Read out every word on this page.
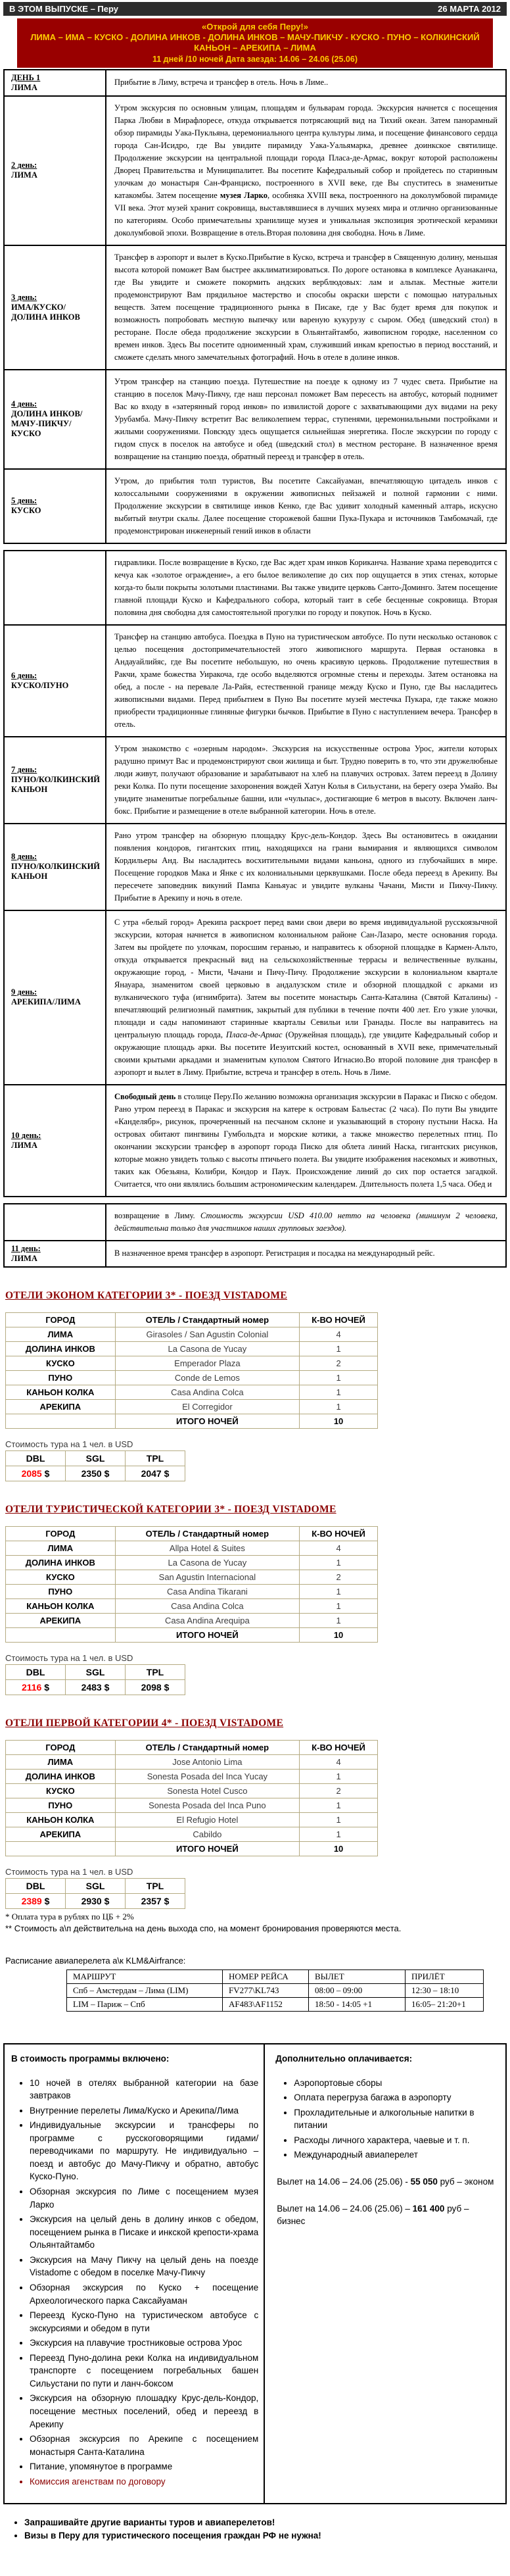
В ЭТОМ ВЫПУСКЕ – Перу	26 МАРТА 2012

«Открой для себя Перу!»

ЛИМА – ИМА – КУСКО - ДОЛИНА ИНКОВ - ДОЛИНА ИНКОВ – МАЧУ-ПИКЧУ - КУСКО - ПУНО – КОЛКИНСКИЙ КАНЬОН – АРЕКИПА – ЛИМА

11 дней /10 ночей Дата заезда: 14.06 – 24.06 (25.06)

ДЕНЬ 1
ЛИМА	Прибытие в Лиму, встреча и трансфер в отель. Ночь в Лиме..

2 день:
ЛИМА	Утром экскурсия по основным улицам, площадям и бульварам города. Экскурсия начнется с посещения Парка Любви в Мирафлоресе, откуда открывается потрясающий вид на Тихий океан. Затем панорамный обзор пирамиды Уака-Пукльяна, церемониального центра культуры лима, и посещение финансового сердца города Сан-Исидро, где Вы увидите пирамиду Уака-Уальямарка, древнее доинкское святилище. Продолжение экскурсии на центральной площади города Пласа-де-Армас, вокруг которой расположены Дворец Правительства и Муниципалитет. Вы посетите Кафедральный собор и пройдетесь по старинным улочкам до монастыря Сан-Франциско, построенного в XVII веке, где Вы спуститесь в знаменитые катакомбы. Затем посещение музея Ларко, особняка XVIII века, построенного на доколумбовой пирамиде VII века. Этот музей хранит сокровища, выставлявшиеся в лучших музеях мира и отлично организованные по категориям. Особо примечательны хранилище музея и уникальная экспозиция эротической керамики доколумбовой эпохи. Возвращение в отель.Вторая половина дня свободна. Ночь в Лиме.

3 день:
ИМА/КУСКО/ДОЛИНА ИНКОВ	Трансфер в аэропорт и вылет в Куско.Прибытие в Куско, встреча и трансфер в Священную долину, меньшая высота которой поможет Вам быстрее акклиматизироваться. По дороге остановка в комплексе Ауанаканча, где Вы увидите и сможете покормить андских верблюдовых: лам и альпак. Местные жители продемонстрируют Вам прядильное мастерство и способы окраски шерсти с помощью натуральных веществ. Затем посещение традиционного рынка в Писаке, где у Вас будет время для покупок и возможность попробовать местную выпечку или вареную кукурузу с сыром. Обед (шведский стол) в ресторане. После обеда продолжение экскурсии в Ольянтайтамбо, живописном городке, населенном со времен инков. Здесь Вы посетите одноименный храм, служивший инкам крепостью в период восстаний, и сможете сделать много замечательных фотографий. Ночь в отеле в долине инков.

4 день:
ДОЛИНА ИНКОВ/МАЧУ-ПИКЧУ/КУСКО	Утром трансфер на станцию поезда. Путешествие на поезде к одному из 7 чудес света. Прибытие на станцию в поселок Мачу-Пикчу, где наш персонал поможет Вам пересесть на автобус, который поднимет Вас ко входу в «затерянный город инков» по извилистой дороге с захватывающими дух видами на реку Урубамба. Мачу-Пикчу встретит Вас великолепием террас, ступенями, церемониальными постройками и жилыми сооружениями. Повсюду здесь ощущается сильнейшая энергетика. После экскурсии по городу с гидом спуск в поселок на автобусе и обед (шведский стол) в местном ресторане. В назначенное время возвращение на станцию поезда, обратный переезд и трансфер в отель.

5 день:
КУСКО	Утром, до прибытия толп туристов, Вы посетите Саксайуаман, впечатляющую цитадель инков с колоссальными сооружениями в окружении живописных пейзажей и полной гармонии с ними. Продолжение экскурсии в святилище инков Кенко, где Вас удивит холодный каменный алтарь, искусно выбитый внутри скалы. Далее посещение сторожевой башни Пука-Пукара и источников Тамбомачай, где продемонстрирован инженерный гений инков в области

	гидравлики. После возвращение в Куско, где Вас ждет храм инков Кориканча. Название храма переводится с кечуа как «золотое ограждение», а его былое великолепие до сих пор ощущается в этих стенах, которые когда-то были покрыты золотыми пластинами. Вы также увидите церковь Санто-Доминго. Затем посещение главной площади Куско и Кафедрального собора, который таит в себе бесценные сокровища. Вторая половина дня свободна для самостоятельной прогулки по городу и покупок. Ночь в Куско.

6 день:
КУСКО/ПУНО	Трансфер на станцию автобуса. Поездка в Пуно на туристическом автобусе. По пути несколько остановок с целью посещения достопримечательностей этого живописного маршрута. Первая остановка в Андауайлийяс, где Вы посетите небольшую, но очень красивую церковь. Продолжение путешествия в Ракчи, храме божества Уиракоча, где особо выделяются огромные стены и переходы. Затем остановка на обед, а после - на перевале Ла-Райя, естественной границе между Куско и Пуно, где Вы насладитесь живописными видами. Перед прибытием в Пуно Вы посетите музей местечка Пукара, где также можно приобрести традиционные глиняные фигурки бычков. Прибытие в Пуно с наступлением вечера. Трансфер в отель.

7 день:
ПУНО/КОЛКИНСКИЙ КАНЬОН	Утром знакомство с «озерным народом». Экскурсия на искусственные острова Урос, жители которых радушно примут Вас и продемонстрируют свои жилища и быт. Трудно поверить в то, что эти дружелюбные люди живут, получают образование и зарабатывают на хлеб на плавучих островах. Затем переезд в Долину реки Колка. По пути посещение захоронения вождей Хатун Колья в Сильустани, на берегу озера Умайо. Вы увидите знаменитые погребальные башни, или «чульпас», достигающие 6 метров в высоту. Включен ланч-бокс. Прибытие и размещение в отеле выбранной категории. Ночь в отеле.

8 день:
ПУНО/КОЛКИНСКИЙ КАНЬОН	Рано утром трансфер на обзорную площадку Крус-дель-Кондор. Здесь Вы остановитесь в ожидании появления кондоров, гигантских птиц, находящихся на грани вымирания и являющихся символом Кордильеры Анд. Вы насладитесь восхитительными видами каньона, одного из глубочайших в мире. Посещение городков Мака и Янке с их колониальными церквушками. После обеда переезд в Арекипу. Вы пересечете заповедник викуний Пампа Каньяуас и увидите вулканы Чачани, Мисти и Пикчу-Пикчу. Прибытие в Арекипу и ночь в отеле.

9 день:
АРЕКИПА/ЛИМА	С утра «белый город» Арекипа раскроет перед вами свои двери во время индивидуальной русскоязычной экскурсии, которая начнется в живописном колониальном районе Сан-Лазаро, месте основания города. Затем вы пройдете по улочкам, поросшим геранью, и направитесь к обзорной площадке в Кармен-Альто, откуда открывается прекрасный вид на сельскохозяйственные террасы и величественные вулканы, окружающие город, - Мисти, Чачани и Пичу-Пичу. Продолжение экскурсии в колониальном квартале Янауара, знаменитом своей церковью в андалузском стиле и обзорной площадкой с арками из вулканического туфа (игнимбрита). Затем вы посетите монастырь Санта-Каталина (Святой Каталины) - впечатляющий религиозный памятник, закрытый для публики в течение почти 400 лет. Его узкие улочки, площади и сады напоминают старинные кварталы Севильи или Гранады. После вы направитесь на центральную площадь города, Пласа-де-Армас (Оружейная площадь), где увидите Кафедральный собор и окружающие площадь арки. Вы посетите Иезуитский костел, основанный в XVII веке, примечательный своими крытыми аркадами и знаменитым куполом Святого Игнасио.Во второй половине дня трансфер в аэропорт и вылет в Лиму. Прибытие, встреча и трансфер в отель. Ночь в Лиме.

10 день:
ЛИМА	Свободный день в столице Перу.По желанию возможна организация экскурсии в Паракас и Писко с обедом. Рано утром переезд в Паракас и экскурсия на катере к островам Бальестас (2 часа). По пути Вы увидите «Канделябр», рисунок, прочерченный на песчаном склоне и указывающий в сторону пустыни Наска. На островах обитают пингвины Гумбольдта и морские котики, а также множество перелетных птиц. По окончании экскурсии трансфер в аэропорт города Писко для облета линий Наска, гигантских рисунков, которые можно увидеть только с высоты птичьего полета. Вы увидите изображения насекомых и животных, таких как Обезьяна, Колибри, Кондор и Паук. Происхождение линий до сих пор остается загадкой. Считается, что они являлись большим астрономическим календарем. Длительность полета 1,5 часа. Обед и

	возвращение в Лиму. Стоимость экскурсии USD 410.00 нетто на человека (минимум 2 человека, действительна только для участников наших групповых заездов).

11 день:
ЛИМА	В назначенное время трансфер в аэропорт. Регистрация и посадка на международный рейс.

ОТЕЛИ ЭКОНОМ КАТЕГОРИИ 3* - ПОЕЗД VISTADOME
ГОРОД	ОТЕЛЬ / Стандартный номер	К-ВО НОЧЕЙ
ЛИМА	Girasoles / San Agustin Colonial	4
ДОЛИНА ИНКОВ	La Casona de Yucay	1
КУСКО	Emperador Plaza	2
ПУНО	Conde de Lemos	1
КАНЬОН КОЛКА	Casa Andina Colca	1
АРЕКИПА	El Corregidor	1
	ИТОГО НОЧЕЙ	10

Стоимость тура на 1 чел. в USD

DBL	SGL	TPL
2085 $	2350 $	2047 $
ОТЕЛИ ТУРИСТИЧЕСКОЙ КАТЕГОРИИ 3* - ПОЕЗД VISTADOME
ГОРОД	ОТЕЛЬ / Стандартный номер	К-ВО НОЧЕЙ
ЛИМА	Allpa Hotel & Suites	4
ДОЛИНА ИНКОВ	La Casona de Yucay	1
КУСКО	San Agustin Internacional	2
ПУНО	Casa Andina Tikarani	1
КАНЬОН КОЛКА	Casa Andina Colca	1
АРЕКИПА	Casa Andina Arequipa	1
	ИТОГО НОЧЕЙ	10

Стоимость тура на 1 чел. в USD

DBL	SGL	TPL
2116 $	2483 $	2098 $
ОТЕЛИ ПЕРВОЙ КАТЕГОРИИ 4* - ПОЕЗД VISTADOME
ГОРОД	ОТЕЛЬ / Стандартный номер	К-ВО НОЧЕЙ
ЛИМА	Jose Antonio Lima	4
ДОЛИНА ИНКОВ	Sonesta Posada del Inca Yucay	1
КУСКО	Sonesta Hotel Cusco	2
ПУНО	Sonesta Posada del Inca Puno	1
КАНЬОН КОЛКА	El Refugio Hotel	1
АРЕКИПА	Cabildo	1
	ИТОГО НОЧЕЙ	10

Стоимость тура на 1 чел. в USD

DBL	SGL	TPL
2389 $	2930 $	2357 $

* Оплата тура в рублях по ЦБ + 2%

** Стоимость а\п действительна на день выхода спо, на момент бронирования проверяются места.

Расписание авиаперелета а\к KLM&Airfrance:

МАРШРУТ	НОМЕР РЕЙСА	ВЫЛЕТ	ПРИЛЁТ
Спб – Амстердам – Лима (LIM)	FV277\KL743	08:00 – 09:00	12:30 – 18:10
LIM – Париж – Спб	AF483\AF1152	18:50 - 14:05 +1	16:05– 21:20+1

В стоимость программы включено:

• 10 ночей в отелях выбранной категории на базе завтраков
• Внутренние перелеты Лима/Куско и Арекипа/Лима
• Индивидуальные экскурсии и трансферы по программе с русскоговорящими гидами/переводчиками по маршруту. Не индивидуально – поезд и автобус до Мачу-Пикчу и обратно, автобус Куско-Пуно.
• Обзорная экскурсия по Лиме с посещением музея Ларко
• Экскурсия на целый день в долину инков с обедом, посещением рынка в Писаке и инкской крепости-храма Ольянтайтамбо
• Экскурсия на Мачу Пикчу на целый день на поезде Vistadome с обедом в поселке Мачу-Пикчу
• Обзорная экскурсия по Куско + посещение Археологического парка Саксайуаман
• Переезд Куско-Пуно на туристическом автобусе с экскурсиями и обедом в пути
• Экскурсия на плавучие тростниковые острова Урос
• Переезд Пуно-долина реки Колка на индивидуальном транспорте с посещением погребальных башен Сильустани по пути и ланч-боксом
• Экскурсия на обзорную плошадку Крус-дель-Кондор, посещение местных поселений, обед и переезд в Арекипу
• Обзорная экскурсия по Арекипе с посещением монастыря Санта-Каталина
• Питание, упомянутое в программе
• Комиссия агенствам по договору

Дополнительно оплачивается:

• Аэропортовые сборы
• Оплата перегруза багажа в аэропорту
• Прохладительные и алкогольные напитки в питании
• Расходы личного характера, чаевые и т. п.
• Международный авиаперелет

Вылет на 14.06 – 24.06 (25.06) - 55 050 руб – эконом

Вылет на 14.06 – 24.06 (25.06) – 161 400 руб – бизнес

• Запрашивайте другие варианты туров и авиаперелетов!
• Визы в Перу для туристического посещения граждан РФ не нужна!
